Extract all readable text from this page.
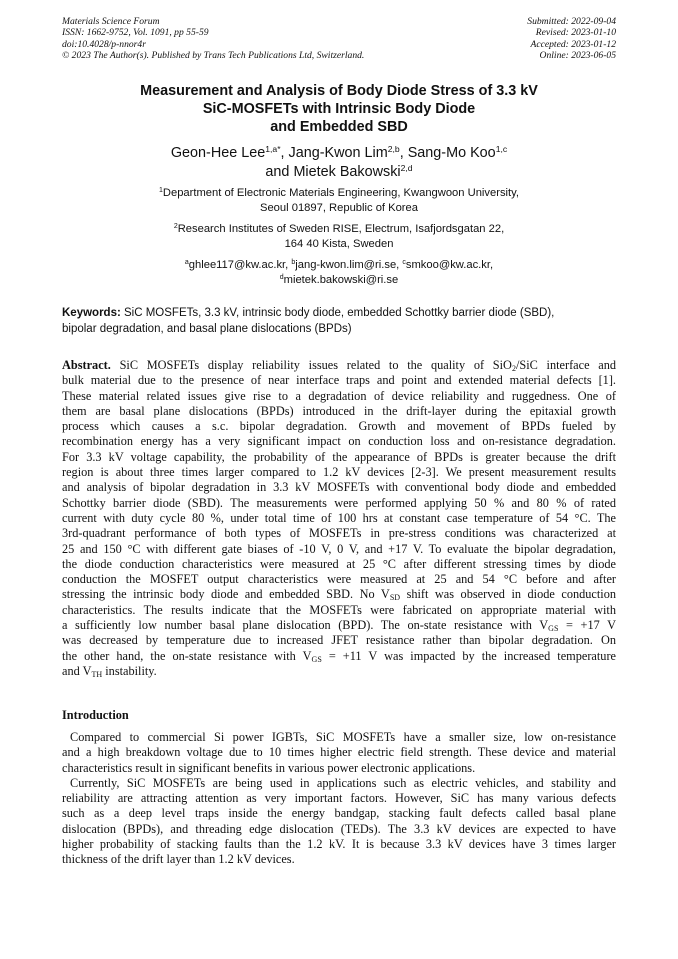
Materials Science Forum
ISSN: 1662-9752, Vol. 1091, pp 55-59
doi:10.4028/p-nnor4r
© 2023 The Author(s). Published by Trans Tech Publications Ltd, Switzerland.
Submitted: 2022-09-04
Revised: 2023-01-10
Accepted: 2023-01-12
Online: 2023-06-05
Measurement and Analysis of Body Diode Stress of 3.3 kV
SiC-MOSFETs with Intrinsic Body Diode
and Embedded SBD
Geon-Hee Lee$^{1,a*}$, Jang-Kwon Lim$^{2,b}$, Sang-Mo Koo$^{1,c}$
and Mietek Bakowski$^{2,d}$
$^1$Department of Electronic Materials Engineering, Kwangwoon University,
Seoul 01897, Republic of Korea
$^2$Research Institutes of Sweden RISE, Electrum, Isafjordsgatan 22,
164 40 Kista, Sweden
$^a$ghlee117@kw.ac.kr, $^b$jang-kwon.lim@ri.se, $^c$smkoo@kw.ac.kr,
$^d$mietek.bakowski@ri.se
Keywords: SiC MOSFETs, 3.3 kV, intrinsic body diode, embedded Schottky barrier diode (SBD),
bipolar degradation, and basal plane dislocations (BPDs)
Abstract. SiC MOSFETs display reliability issues related to the quality of SiO$_2$/SiC interface and
bulk material due to the presence of near interface traps and point and extended material defects [1].
These material related issues give rise to a degradation of device reliability and ruggedness. One of
them are basal plane dislocations (BPDs) introduced in the drift-layer during the epitaxial growth
process which causes a s.c. bipolar degradation. Growth and movement of BPDs fueled by
recombination energy has a very significant impact on conduction loss and on-resistance degradation.
For 3.3 kV voltage capability, the probability of the appearance of BPDs is greater because the drift
region is about three times larger compared to 1.2 kV devices [2-3]. We present measurement results
and analysis of bipolar degradation in 3.3 kV MOSFETs with conventional body diode and embedded
Schottky barrier diode (SBD). The measurements were performed applying 50 % and 80 % of rated
current with duty cycle 80 %, under total time of 100 hrs at constant case temperature of 54 °C. The
3rd-quadrant performance of both types of MOSFETs in pre-stress conditions was characterized at
25 and 150 °C with different gate biases of -10 V, 0 V, and +17 V. To evaluate the bipolar degradation,
the diode conduction characteristics were measured at 25 °C after different stressing times by diode
conduction the MOSFET output characteristics were measured at 25 and 54 °C before and after
stressing the intrinsic body diode and embedded SBD. No $V_{SD}$ shift was observed in diode conduction
characteristics. The results indicate that the MOSFETs were fabricated on appropriate material with
a sufficiently low number basal plane dislocation (BPD). The on-state resistance with $V_{GS} = +17$ V
was decreased by temperature due to increased JFET resistance rather than bipolar degradation. On
the other hand, the on-state resistance with $V_{GS} = +11$ V was impacted by the increased temperature
and $V_{TH}$ instability.
Introduction
Compared to commercial Si power IGBTs, SiC MOSFETs have a smaller size, low on-resistance
and a high breakdown voltage due to 10 times higher electric field strength. These device and material
characteristics result in significant benefits in various power electronic applications.
Currently, SiC MOSFETs are being used in applications such as electric vehicles, and stability and
reliability are attracting attention as very important factors. However, SiC has many various defects
such as a deep level traps inside the energy bandgap, stacking fault defects called basal plane
dislocation (BPDs), and threading edge dislocation (TEDs). The 3.3 kV devices are expected to have
higher probability of stacking faults than the 1.2 kV. It is because 3.3 kV devices have 3 times larger
thickness of the drift layer than 1.2 kV devices.
